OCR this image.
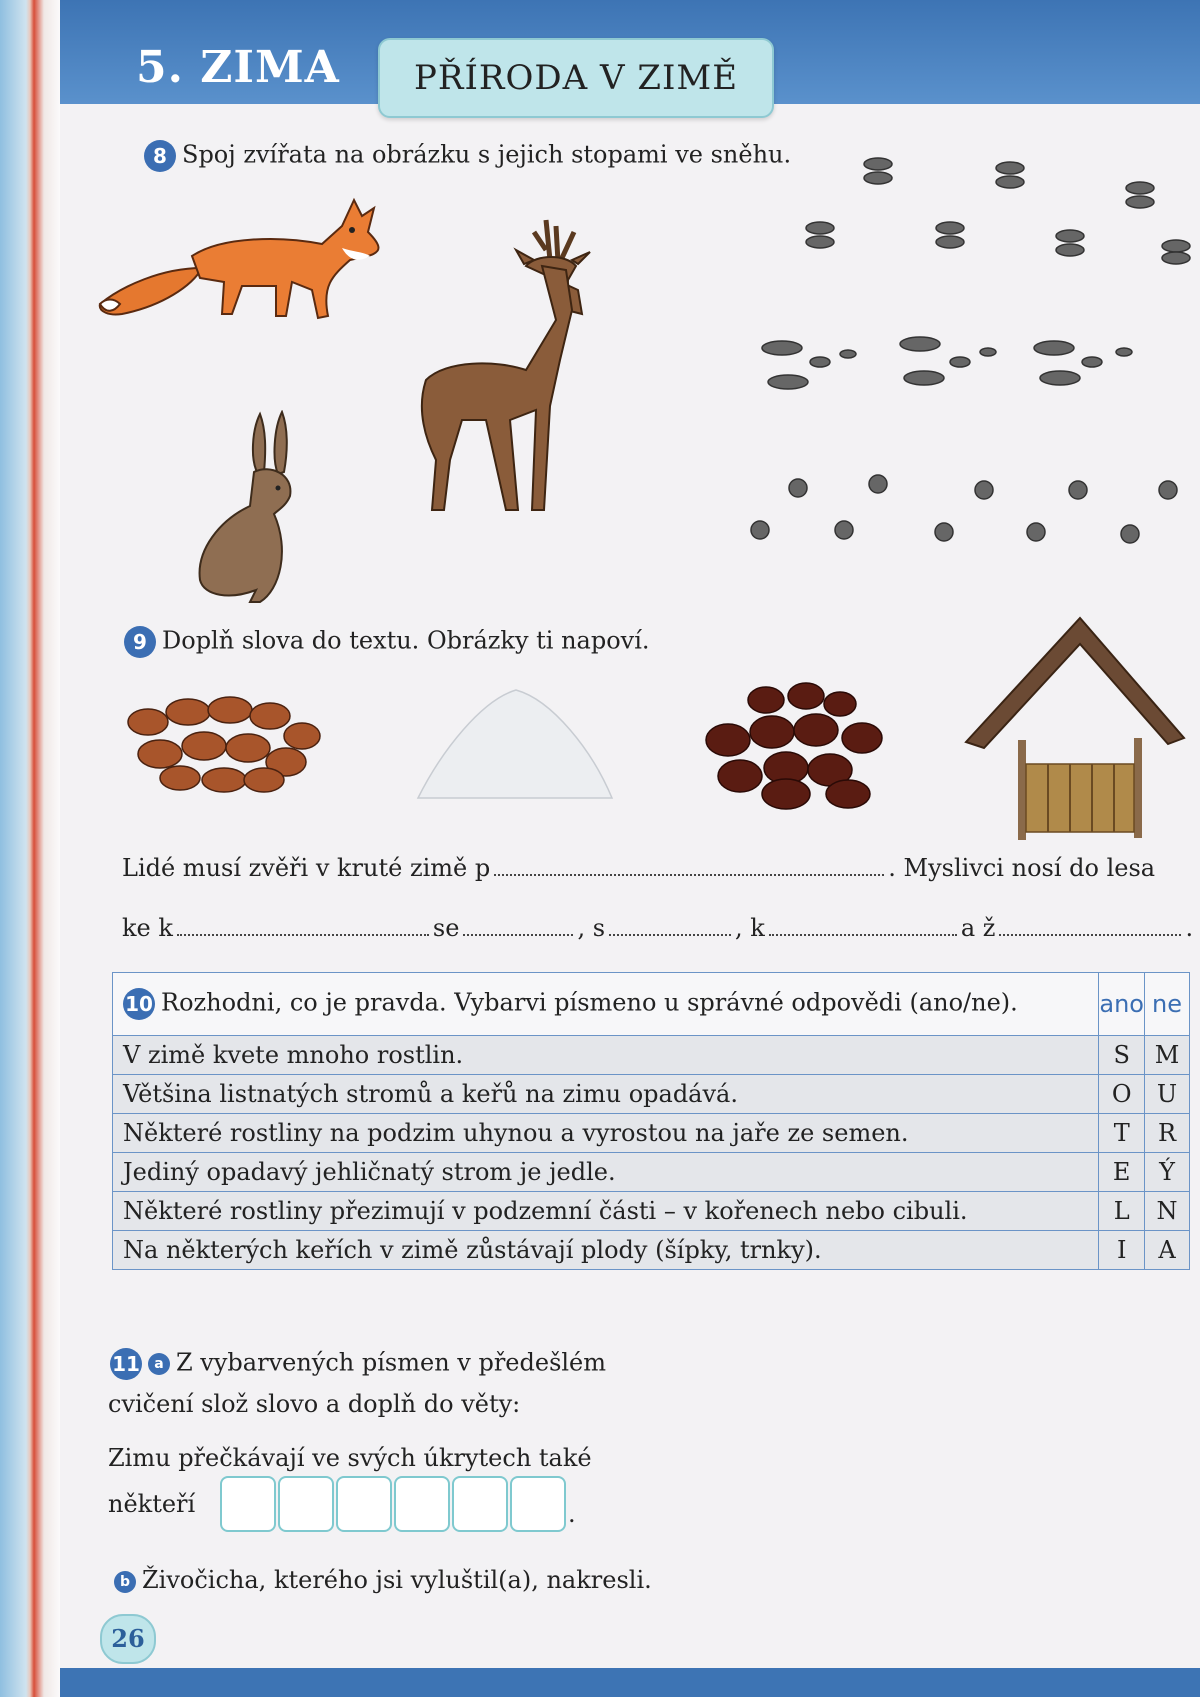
5. ZIMA	PŘÍRODA V ZIMĚ
8 Spoj zvířata na obrázku s jejich stopami ve sněhu.
9 Doplň slova do textu. Obrázky ti napoví.
Lidé musí zvěři v kruté zimě p	. Myslivci nosí do lesa
ke k	se	, s	, k	a ž	.
10 Rozhodni, co je pravda. Vybarvi písmeno u správné odpovědi (ano/ne).	ano	ne
V zimě kvete mnoho rostlin.	S	M
Většina listnatých stromů a keřů na zimu opadává.	O	U
Některé rostliny na podzim uhynou a vyrostou na jaře ze semen.	T	R
Jediný opadavý jehličnatý strom je jedle.	E	Ý
Některé rostliny přezimují v podzemní části – v kořenech nebo cibuli.	L	N
Na některých keřích v zimě zůstávají plody (šípky, trnky).	I	A
11 a Z vybarvených písmen v předešlém
cvičení slož slovo a doplň do věty:
Zimu přečkávají ve svých úkrytech také
někteří	.
b Živočicha, kterého jsi vyluštil(a), nakresli.
26
